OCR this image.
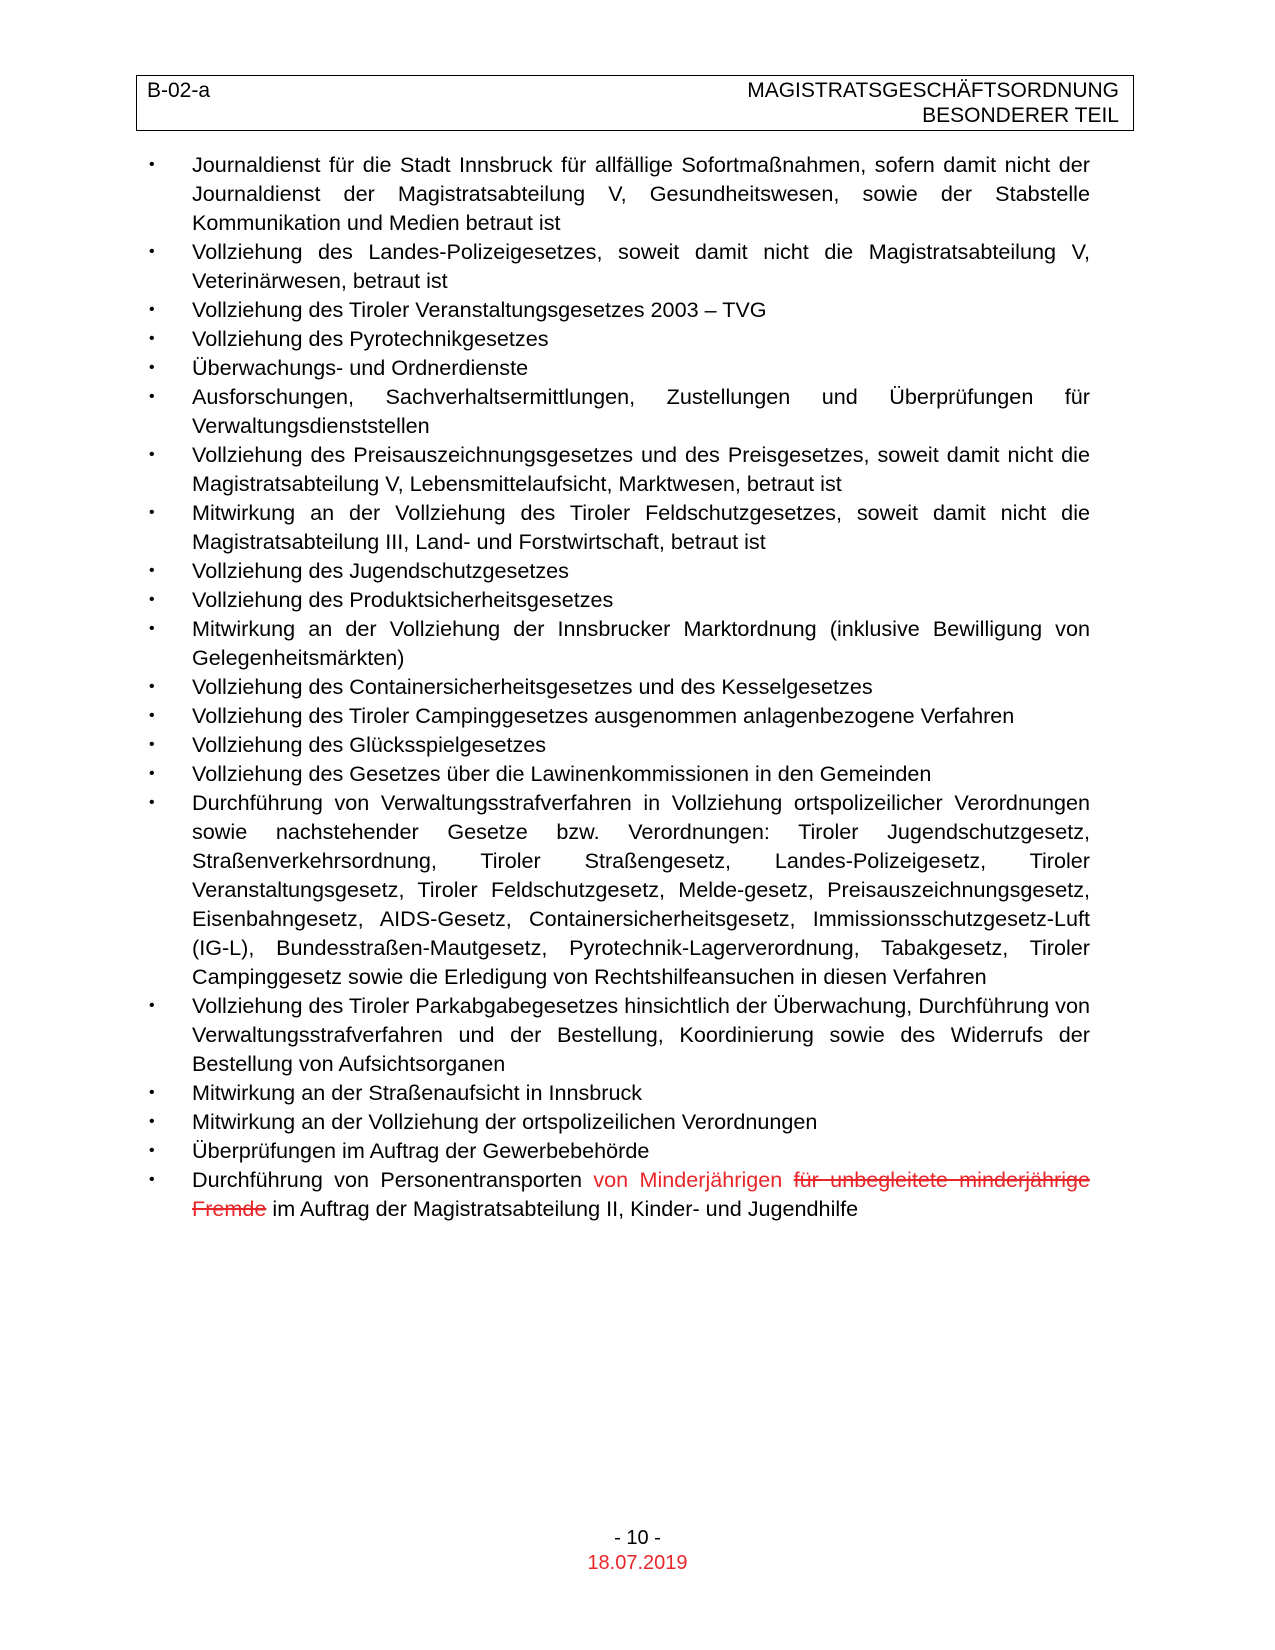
B-02-a	MAGISTRATSGESCHÄFTSORDNUNG
BESONDERER TEIL
• Journaldienst für die Stadt Innsbruck für allfällige Sofortmaßnahmen, sofern damit nicht der Journaldienst der Magistratsabteilung V, Gesundheitswesen, sowie der Stabstelle Kommunikation und Medien betraut ist
• Vollziehung des Landes-Polizeigesetzes, soweit damit nicht die Magistratsabteilung V, Veterinärwesen, betraut ist
• Vollziehung des Tiroler Veranstaltungsgesetzes 2003 – TVG
• Vollziehung des Pyrotechnikgesetzes
• Überwachungs- und Ordnerdienste
• Ausforschungen, Sachverhaltsermittlungen, Zustellungen und Überprüfungen für Verwaltungsdienststellen
• Vollziehung des Preisauszeichnungsgesetzes und des Preisgesetzes, soweit damit nicht die Magistratsabteilung V, Lebensmittelaufsicht, Marktwesen, betraut ist
• Mitwirkung an der Vollziehung des Tiroler Feldschutzgesetzes, soweit damit nicht die Magistratsabteilung III, Land- und Forstwirtschaft, betraut ist
• Vollziehung des Jugendschutzgesetzes
• Vollziehung des Produktsicherheitsgesetzes
• Mitwirkung an der Vollziehung der Innsbrucker Marktordnung (inklusive Bewilligung von Gelegenheitsmärkten)
• Vollziehung des Containersicherheitsgesetzes und des Kesselgesetzes
• Vollziehung des Tiroler Campinggesetzes ausgenommen anlagenbezogene Verfahren
• Vollziehung des Glücksspielgesetzes
• Vollziehung des Gesetzes über die Lawinenkommissionen in den Gemeinden
• Durchführung von Verwaltungsstrafverfahren in Vollziehung ortspolizeilicher Verordnungen sowie nachstehender Gesetze bzw. Verordnungen: Tiroler Jugendschutzgesetz, Straßenverkehrsordnung, Tiroler Straßengesetz, Landes-Polizeigesetz, Tiroler Veranstaltungsgesetz, Tiroler Feldschutzgesetz, Melde-gesetz, Preisauszeichnungsgesetz, Eisenbahngesetz, AIDS-Gesetz, Containersicherheitsgesetz, Immissionsschutzgesetz-Luft (IG-L), Bundesstraßen-Mautgesetz, Pyrotechnik-Lagerverordnung, Tabakgesetz, Tiroler Campinggesetz sowie die Erledigung von Rechtshilfeansuchen in diesen Verfahren
• Vollziehung des Tiroler Parkabgabegesetzes hinsichtlich der Überwachung, Durchführung von Verwaltungsstrafverfahren und der Bestellung, Koordinierung sowie des Widerrufs der Bestellung von Aufsichtsorganen
• Mitwirkung an der Straßenaufsicht in Innsbruck
• Mitwirkung an der Vollziehung der ortspolizeilichen Verordnungen
• Überprüfungen im Auftrag der Gewerbebehörde
• Durchführung von Personentransporten von Minderjährigen für unbegleitete minderjährige Fremde im Auftrag der Magistratsabteilung II, Kinder- und Jugendhilfe
- 10 -
18.07.2019
